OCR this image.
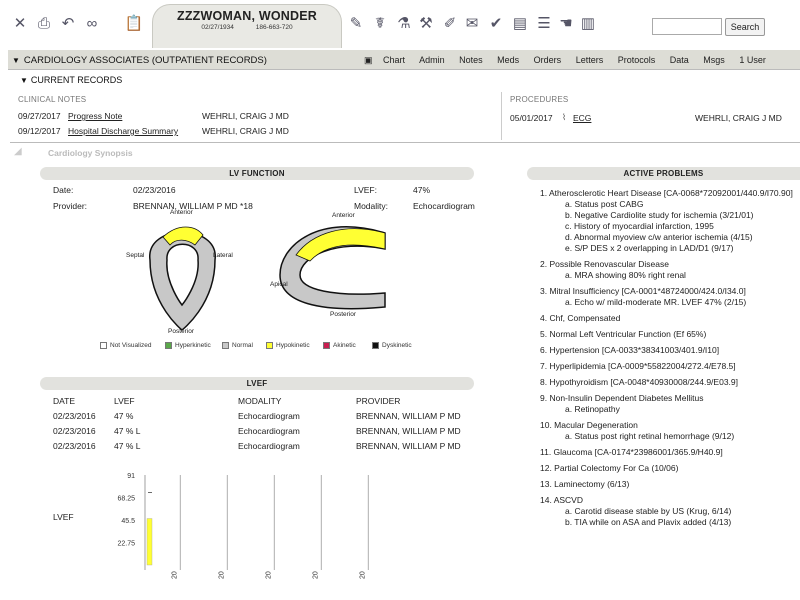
✕ ⎙ ↶ ∞	📋	ZZZWOMAN, WONDER
02/27/1934	186-663-720	✎ ☤ ⚗ ⚒ ✐ ✉ ✔ ▤ ☰ ☚ ▥	Search
▼ CARDIOLOGY ASSOCIATES (OUTPATIENT RECORDS)	▣ Chart Admin Notes Meds Orders Letters Protocols Data Msgs 1 User
▼ CURRENT RECORDS
CLINICAL NOTES	PROCEDURES
09/27/2017 Progress Note	WEHRLI, CRAIG J MD
09/12/2017 Hospital Discharge Summary	WEHRLI, CRAIG J MD
05/01/2017 ⌇ ECG	WEHRLI, CRAIG J MD
◢	Cardiology Synopsis
LV FUNCTION
Date:	02/23/2016
Provider:	BRENNAN, WILLIAM P MD *18
LVEF:	47%
Modality:	Echocardiogram
Anterior
Septal	Lateral
Posterior
Anterior
Apical
Posterior
Not Visualized	Hyperkinetic	Normal	Hypokinetic	Akinetic	Dyskinetic
LVEF
DATE	LVEF	MODALITY	PROVIDER
02/23/2016 47 %	Echocardiogram	BRENNAN, WILLIAM P MD
02/23/2016 47 % L	Echocardiogram	BRENNAN, WILLIAM P MD
02/23/2016 47 % L	Echocardiogram	BRENNAN, WILLIAM P MD
LVEF
91
68.25
45.5
22.75
20	20	20	20	20
ACTIVE PROBLEMS
1. Atherosclerotic Heart Disease [CA-0068*72092001/440.9/I70.90]
a. Status post CABG
b. Negative Cardiolite study for ischemia (3/21/01)
c. History of myocardial infarction, 1995
d. Abnormal myoview c/w anterior ischemia (4/15)
e. S/P DES x 2 overlapping in LAD/D1 (9/17)
2. Possible Renovascular Disease
a. MRA showing 80% right renal
3. Mitral Insufficiency [CA-0001*48724000/424.0/I34.0]
a. Echo w/ mild-moderate MR. LVEF 47% (2/15)
4. Chf, Compensated
5. Normal Left Ventricular Function (Ef 65%)
6. Hypertension [CA-0033*38341003/401.9/I10]
7. Hyperlipidemia [CA-0009*55822004/272.4/E78.5]
8. Hypothyroidism [CA-0048*40930008/244.9/E03.9]
9. Non-Insulin Dependent Diabetes Mellitus
a. Retinopathy
10. Macular Degeneration
a. Status post right retinal hemorrhage (9/12)
11. Glaucoma [CA-0174*23986001/365.9/H40.9]
12. Partial Colectomy For Ca (10/06)
13. Laminectomy (6/13)
14. ASCVD
a. Carotid disease stable by US (Krug, 6/14)
b. TIA while on ASA and Plavix added (4/13)
